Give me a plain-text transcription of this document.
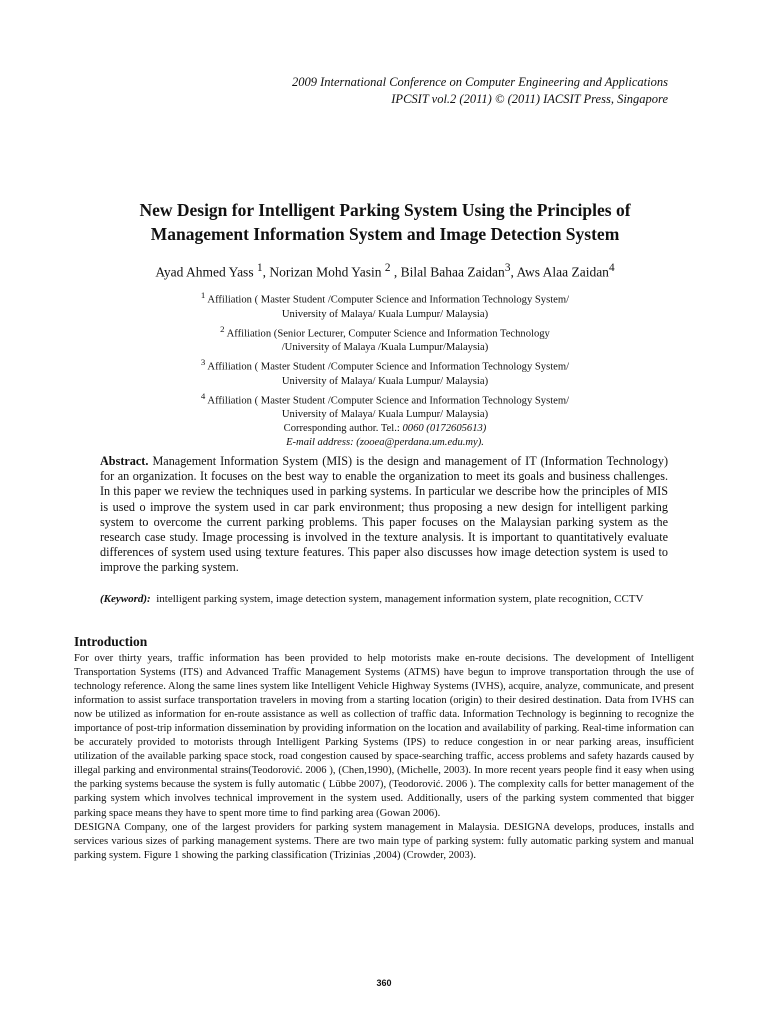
2009 International Conference on Computer Engineering and Applications
IPCSIT vol.2 (2011) © (2011) IACSIT Press, Singapore
New Design for Intelligent Parking System Using the Principles of
Management Information System and Image Detection System
Ayad Ahmed Yass $^1$, Norizan Mohd Yasin $^2$ , Bilal Bahaa Zaidan$^3$, Aws Alaa Zaidan$^4$
$^1$ Affiliation ( Master Student /Computer Science and Information Technology System/
University of Malaya/ Kuala Lumpur/ Malaysia)
$^2$ Affiliation (Senior Lecturer, Computer Science and Information Technology
/University of Malaya /Kuala Lumpur/Malaysia)
$^3$ Affiliation ( Master Student /Computer Science and Information Technology System/
University of Malaya/ Kuala Lumpur/ Malaysia)
$^4$ Affiliation ( Master Student /Computer Science and Information Technology System/
University of Malaya/ Kuala Lumpur/ Malaysia)
Corresponding author. Tel.: 0060 (0172605613)
E-mail address: (zooea@perdana.um.edu.my).
Abstract. Management Information System (MIS) is the design and management of IT (Information Technology) for an organization. It focuses on the best way to enable the organization to meet its goals and business challenges. In this paper we review the techniques used in parking systems. In particular we describe how the principles of MIS is used o improve the system used in car park environment; thus proposing a new design for intelligent parking system to overcome the current parking problems. This paper focuses on the Malaysian parking system as the research case study. Image processing is involved in the texture analysis. It is important to quantitatively evaluate differences of system used using texture features. This paper also discusses how image detection system is used to improve the parking system.
(Keyword): intelligent parking system, image detection system, management information system, plate recognition, CCTV
Introduction

For over thirty years, traffic information has been provided to help motorists make en-route decisions. The development of Intelligent Transportation Systems (ITS) and Advanced Traffic Management Systems (ATMS) have begun to improve transportation through the use of technology reference. Along the same lines system like Intelligent Vehicle Highway Systems (IVHS), acquire, analyze, communicate, and present information to assist surface transportation travelers in moving from a starting location (origin) to their desired destination. Data from IVHS can now be utilized as information for en-route assistance as well as collection of traffic data. Information Technology is beginning to recognize the importance of post-trip information dissemination by providing information on the location and availability of parking. Real-time information can be accurately provided to motorists through Intelligent Parking Systems (IPS) to reduce congestion in or near parking areas, insufficient utilization of the available parking space stock, road congestion caused by space-searching traffic, access problems and safety hazards caused by illegal parking and environmental strains(Teodorović. 2006 ), (Chen,1990), (Michelle, 2003). In more recent years people find it easy when using the parking systems because the system is fully automatic ( Lübbe 2007), (Teodorović. 2006 ). The complexity calls for better management of the parking system which involves technical improvement in the system used. Additionally, users of the parking system commented that bigger parking space means they have to spent more time to find parking area (Gowan 2006).

DESIGNA Company, one of the largest providers for parking system management in Malaysia. DESIGNA develops, produces, installs and services various sizes of parking management systems. There are two main type of parking system: fully automatic parking system and manual parking system. Figure 1 showing the parking classification (Trizinias ,2004) (Crowder, 2003).

360
